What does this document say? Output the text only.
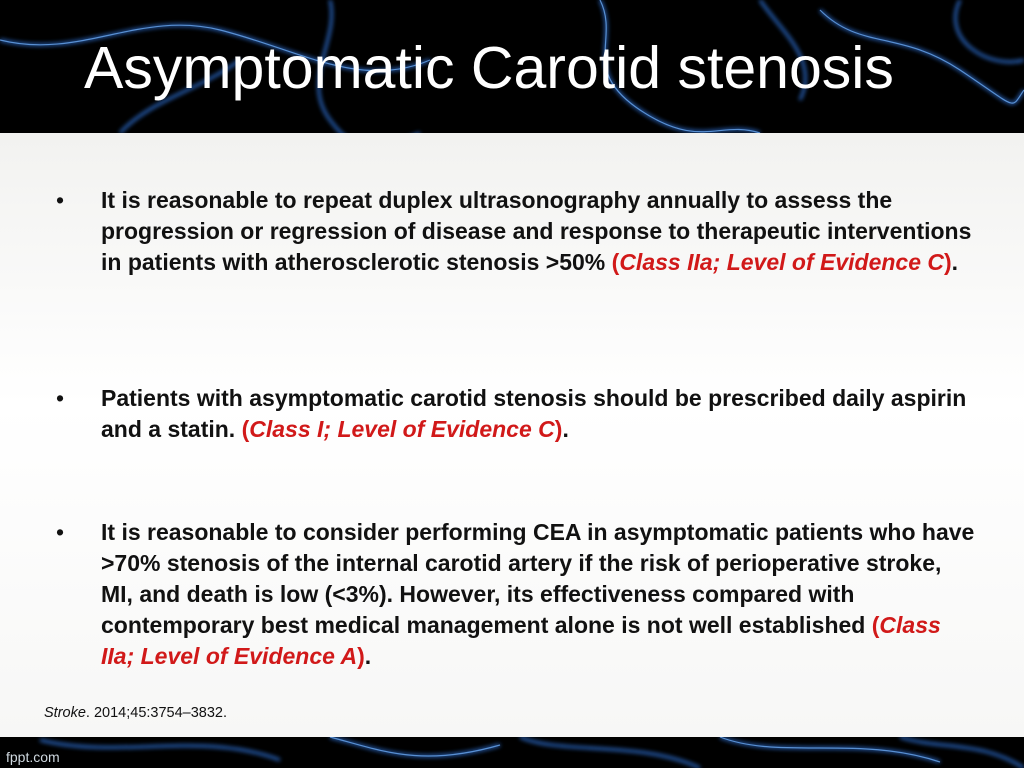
Asymptomatic Carotid stenosis
• It is reasonable to repeat duplex ultrasonography annually to assess the progression or regression of disease and response to therapeutic interventions in patients with atherosclerotic stenosis >50% (Class IIa; Level of Evidence C).
• Patients with asymptomatic carotid stenosis should be prescribed daily aspirin and a statin. (Class I; Level of Evidence C).
• It is reasonable to consider performing CEA in asymptomatic patients who have >70% stenosis of the internal carotid artery if the risk of perioperative stroke, MI, and death is low (<3%). However, its effectiveness compared with contemporary best medical management alone is not well established (Class IIa; Level of Evidence A).
Stroke. 2014;45:3754–3832.
fppt.com
